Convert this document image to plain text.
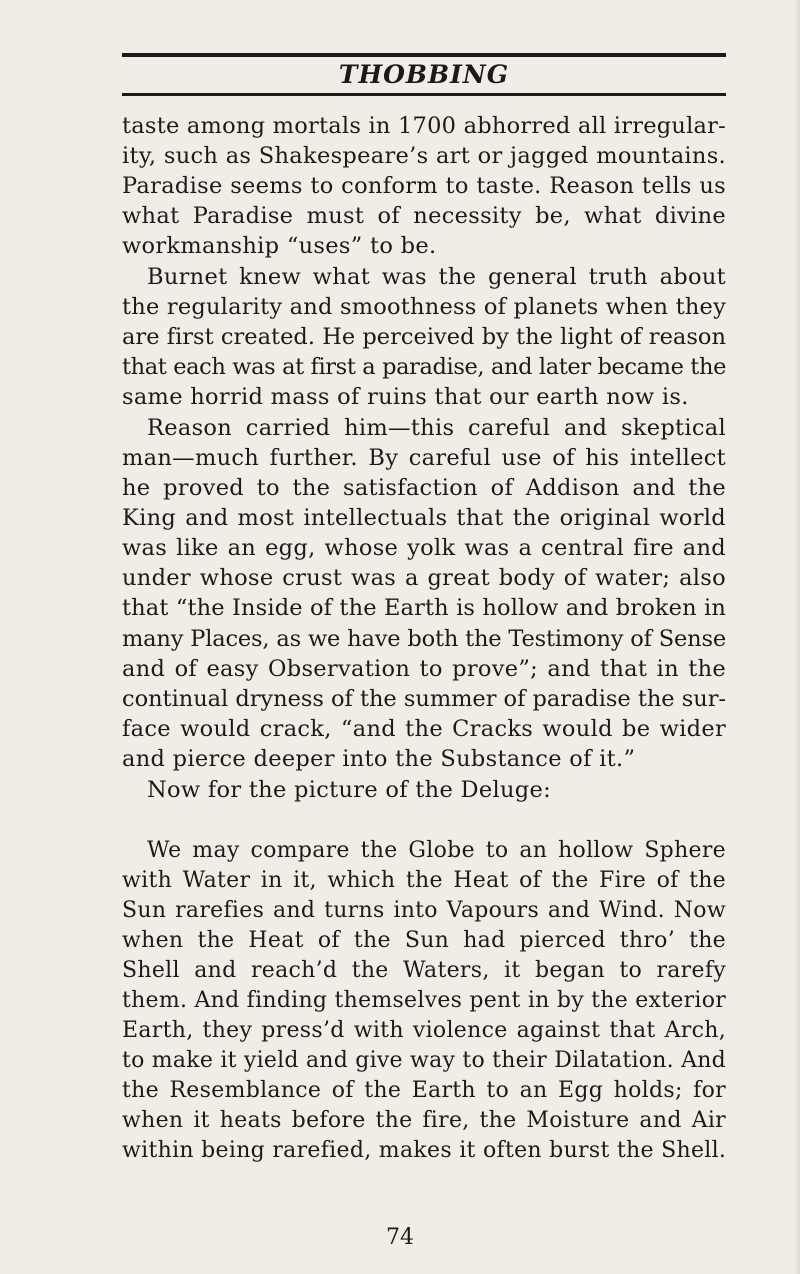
THOBBING
taste among mortals in 1700 abhorred all irregular-
ity, such as Shakespeare’s art or jagged mountains.
Paradise seems to conform to taste. Reason tells us
what Paradise must of necessity be, what divine
workmanship “uses” to be.
Burnet knew what was the general truth about
the regularity and smoothness of planets when they
are first created. He perceived by the light of reason
that each was at first a paradise, and later became the
same horrid mass of ruins that our earth now is.
Reason carried him—this careful and skeptical
man—much further. By careful use of his intellect
he proved to the satisfaction of Addison and the
King and most intellectuals that the original world
was like an egg, whose yolk was a central fire and
under whose crust was a great body of water; also
that “the Inside of the Earth is hollow and broken in
many Places, as we have both the Testimony of Sense
and of easy Observation to prove”; and that in the
continual dryness of the summer of paradise the sur-
face would crack, “and the Cracks would be wider
and pierce deeper into the Substance of it.”
Now for the picture of the Deluge:
We may compare the Globe to an hollow Sphere
with Water in it, which the Heat of the Fire of the
Sun rarefies and turns into Vapours and Wind. Now
when the Heat of the Sun had pierced thro’ the
Shell and reach’d the Waters, it began to rarefy
them. And finding themselves pent in by the exterior
Earth, they press’d with violence against that Arch,
to make it yield and give way to their Dilatation. And
the Resemblance of the Earth to an Egg holds; for
when it heats before the fire, the Moisture and Air
within being rarefied, makes it often burst the Shell.
74
